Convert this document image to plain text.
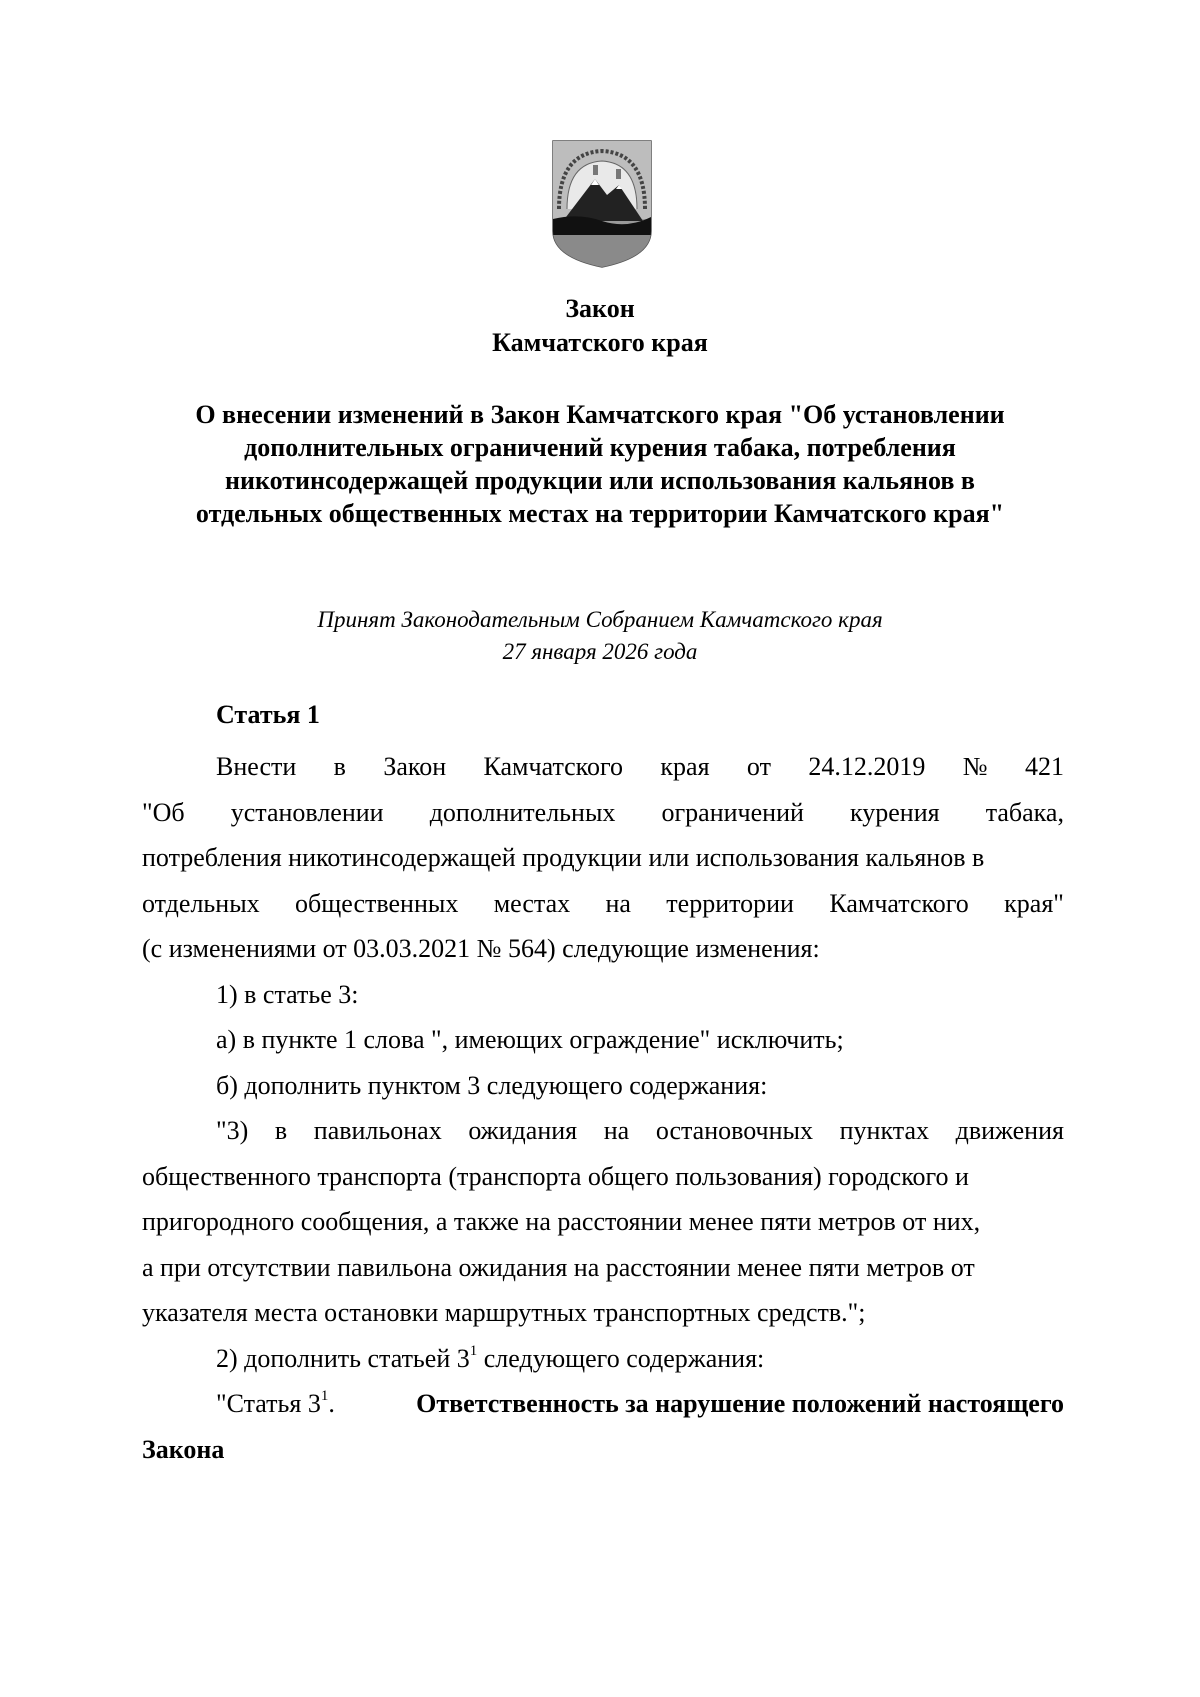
Закон
Камчатского края
О внесении изменений в Закон Камчатского края "Об установлении
дополнительных ограничений курения табака, потребления
никотинсодержащей продукции или использования кальянов в
отдельных общественных местах на территории Камчатского края"
Принят Законодательным Собранием Камчатского края
27 января 2026 года
Статья 1
Внести в Закон Камчатского края от 24.12.2019 № 421
"Об установлении дополнительных ограничений курения табака,
потребления никотинсодержащей продукции или использования кальянов в
отдельных общественных местах на территории Камчатского края"
(с изменениями от 03.03.2021 № 564) следующие изменения:
1) в статье 3:
а) в пункте 1 слова ", имеющих ограждение" исключить;
б) дополнить пунктом 3 следующего содержания:
"3) в павильонах ожидания на остановочных пунктах движения
общественного транспорта (транспорта общего пользования) городского и
пригородного сообщения, а также на расстоянии менее пяти метров от них,
а при отсутствии павильона ожидания на расстоянии менее пяти метров от
указателя места остановки маршрутных транспортных средств.";
2) дополнить статьей $3^1$ следующего содержания:
"Статья $3^1$.	Ответственность за нарушение положений настоящего
Закона
